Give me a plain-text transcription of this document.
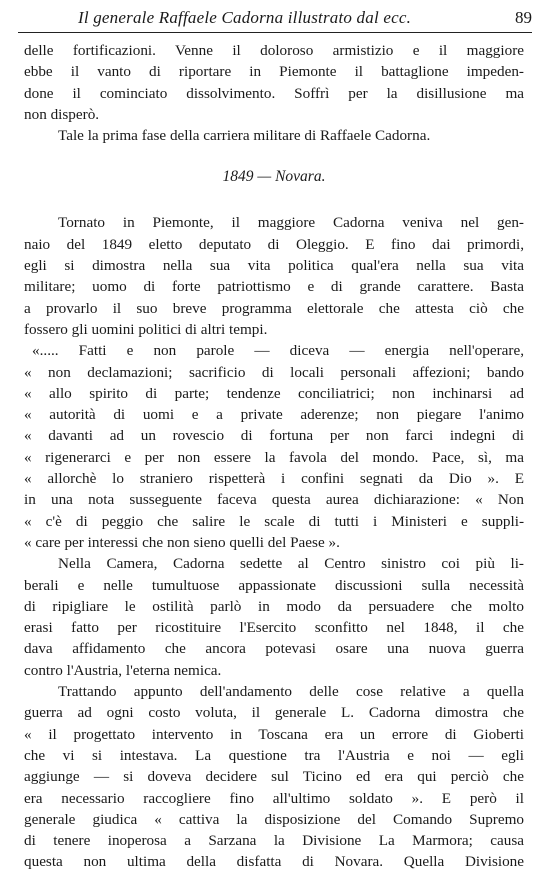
Il generale Raffaele Cadorna illustrato dal ecc.	89
delle fortificazioni. Venne il doloroso armistizio e il maggiore
ebbe il vanto di riportare in Piemonte il battaglione impeden-
done il cominciato dissolvimento. Soffrì per la disillusione ma
non disperò.
Tale la prima fase della carriera militare di Raffaele Cadorna.
1849 — Novara.
Tornato in Piemonte, il maggiore Cadorna veniva nel gen-
naio del 1849 eletto deputato di Oleggio. E fino dai primordi,
egli si dimostra nella sua vita politica qual'era nella sua vita
militare; uomo di forte patriottismo e di grande carattere. Basta
a provarlo il suo breve programma elettorale che attesta ciò che
fossero gli uomini politici di altri tempi.
«..... Fatti e non parole — diceva — energia nell'operare,
« non declamazioni; sacrificio di locali personali affezioni; bando
« allo spirito di parte; tendenze conciliatrici; non inchinarsi ad
« autorità di uomi e a private aderenze; non piegare l'animo
« davanti ad un rovescio di fortuna per non farci indegni di
« rigenerarci e per non essere la favola del mondo. Pace, sì, ma
« allorchè lo straniero rispetterà i confini segnati da Dio ». E
in una nota susseguente faceva questa aurea dichiarazione: « Non
« c'è di peggio che salire le scale di tutti i Ministeri e suppli-
« care per interessi che non sieno quelli del Paese ».
Nella Camera, Cadorna sedette al Centro sinistro coi più li-
berali e nelle tumultuose appassionate discussioni sulla necessità
di ripigliare le ostilità parlò in modo da persuadere che molto
erasi fatto per ricostituire l'Esercito sconfitto nel 1848, il che
dava affidamento che ancora potevasi osare una nuova guerra
contro l'Austria, l'eterna nemica.
Trattando appunto dell'andamento delle cose relative a quella
guerra ad ogni costo voluta, il generale L. Cadorna dimostra che
« il progettato intervento in Toscana era un errore di Gioberti
che vi si intestava. La questione tra l'Austria e noi — egli
aggiunge — si doveva decidere sul Ticino ed era qui perciò che
era necessario raccogliere fino all'ultimo soldato ». E però il
generale giudica « cattiva la disposizione del Comando Supremo
di tenere inoperosa a Sarzana la Divisione La Marmora; causa
questa non ultima della disfatta di Novara. Quella Divisione
